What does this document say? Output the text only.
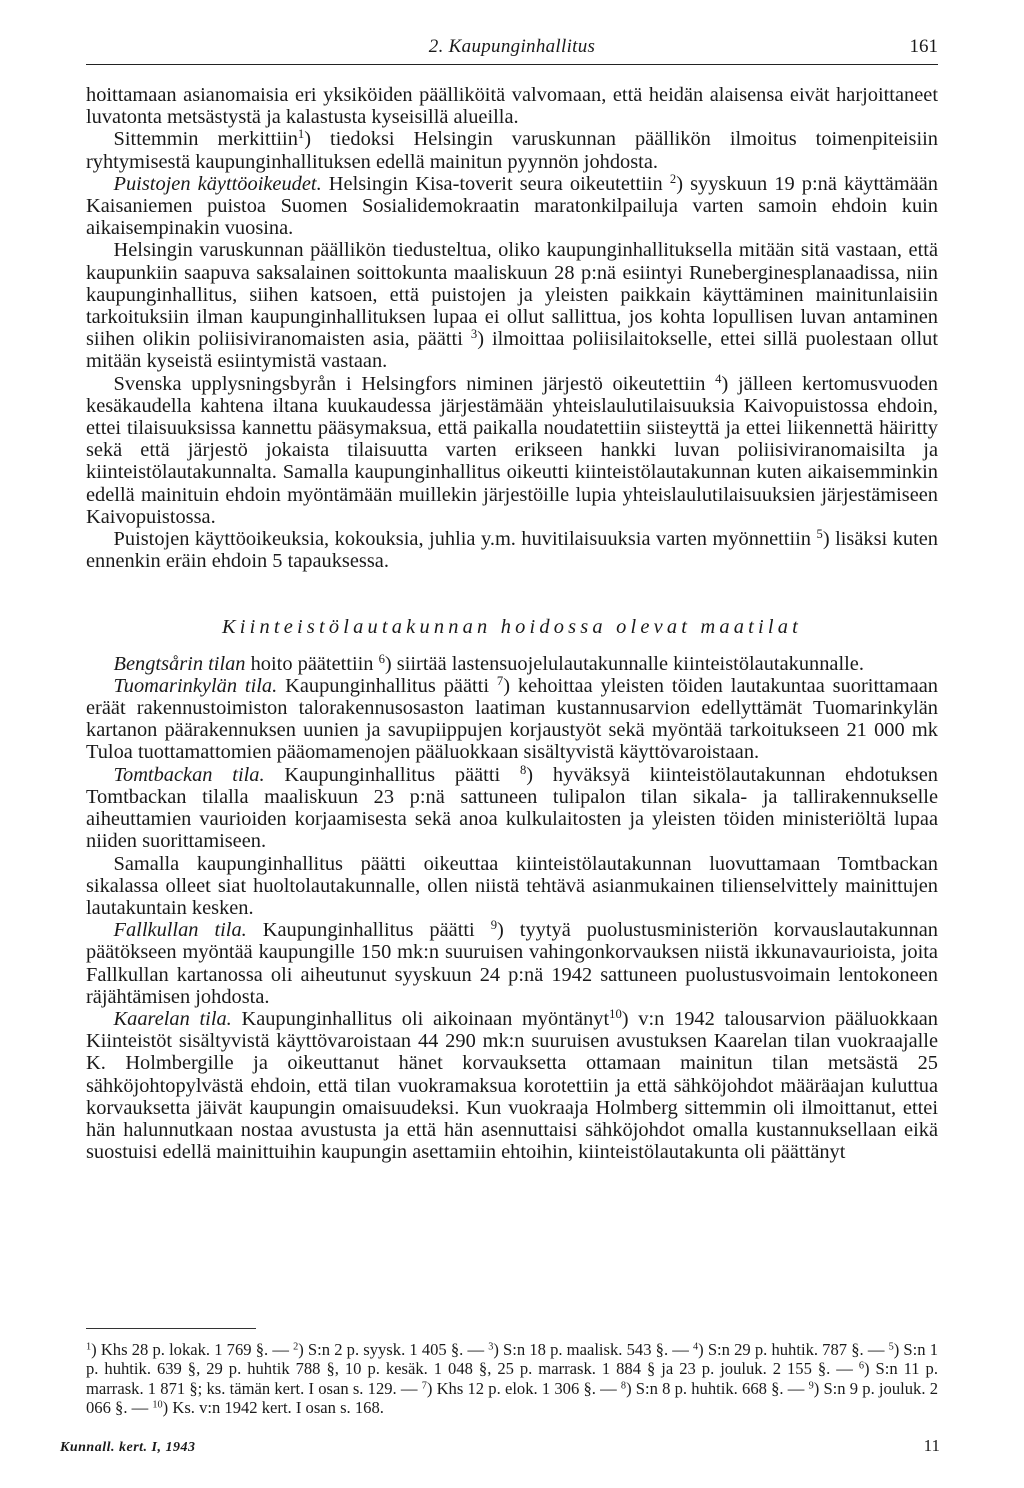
2. Kaupunginhallitus	161

hoittamaan asianomaisia eri yksiköiden päälliköitä valvomaan, että heidän alaisensa eivät harjoittaneet luvatonta metsästystä ja kalastusta kyseisillä alueilla.

Sittemmin merkittiin$^1$) tiedoksi Helsingin varuskunnan päällikön ilmoitus toimenpiteisiin ryhtymisestä kaupunginhallituksen edellä mainitun pyynnön johdosta.

Puistojen käyttöoikeudet. Helsingin Kisa-toverit seura oikeutettiin $^2$) syyskuun 19 p:nä käyttämään Kaisaniemen puistoa Suomen Sosialidemokraatin maratonkilpailuja varten samoin ehdoin kuin aikaisempinakin vuosina.

Helsingin varuskunnan päällikön tiedusteltua, oliko kaupunginhallituksella mitään sitä vastaan, että kaupunkiin saapuva saksalainen soittokunta maaliskuun 28 p:nä esiintyi Runeberginesplanaadissa, niin kaupunginhallitus, siihen katsoen, että puistojen ja yleisten paikkain käyttäminen mainitunlaisiin tarkoituksiin ilman kaupunginhallituksen lupaa ei ollut sallittua, jos kohta lopullisen luvan antaminen siihen olikin poliisiviranomaisten asia, päätti $^3$) ilmoittaa poliisilaitokselle, ettei sillä puolestaan ollut mitään kyseistä esiintymistä vastaan.

Svenska upplysningsbyrån i Helsingfors niminen järjestö oikeutettiin $^4$) jälleen kertomusvuoden kesäkaudella kahtena iltana kuukaudessa järjestämään yhteislaulutilaisuuksia Kaivopuistossa ehdoin, ettei tilaisuuksissa kannettu pääsymaksua, että paikalla noudatettiin siisteyttä ja ettei liikennettä häiritty sekä että järjestö jokaista tilaisuutta varten erikseen hankki luvan poliisiviranomaisilta ja kiinteistölautakunnalta. Samalla kaupunginhallitus oikeutti kiinteistölautakunnan kuten aikaisemminkin edellä mainituin ehdoin myöntämään muillekin järjestöille lupia yhteislaulutilaisuuksien järjestämiseen Kaivopuistossa.

Puistojen käyttöoikeuksia, kokouksia, juhlia y.m. huvitilaisuuksia varten myönnettiin $^5$) lisäksi kuten ennenkin eräin ehdoin 5 tapauksessa.

Kiinteistölautakunnan hoidossa olevat maatilat

Bengtsårin tilan hoito päätettiin $^6$) siirtää lastensuojelulautakunnalle kiinteistölautakunnalle.

Tuomarinkylän tila. Kaupunginhallitus päätti $^7$) kehoittaa yleisten töiden lautakuntaa suorittamaan eräät rakennustoimiston talorakennusosaston laatiman kustannusarvion edellyttämät Tuomarinkylän kartanon päärakennuksen uunien ja savupiippujen korjaustyöt sekä myöntää tarkoitukseen 21 000 mk Tuloa tuottamattomien pääomamenojen pääluokkaan sisältyvistä käyttövaroistaan.

Tomtbackan tila. Kaupunginhallitus päätti $^8$) hyväksyä kiinteistölautakunnan ehdotuksen Tomtbackan tilalla maaliskuun 23 p:nä sattuneen tulipalon tilan sikala- ja tallirakennukselle aiheuttamien vaurioiden korjaamisesta sekä anoa kulkulaitosten ja yleisten töiden ministeriöltä lupaa niiden suorittamiseen.

Samalla kaupunginhallitus päätti oikeuttaa kiinteistölautakunnan luovuttamaan Tomtbackan sikalassa olleet siat huoltolautakunnalle, ollen niistä tehtävä asianmukainen tilienselvittely mainittujen lautakuntain kesken.

Fallkullan tila. Kaupunginhallitus päätti $^9$) tyytyä puolustusministeriön korvauslautakunnan päätökseen myöntää kaupungille 150 mk:n suuruisen vahingonkorvauksen niistä ikkunavaurioista, joita Fallkullan kartanossa oli aiheutunut syyskuun 24 p:nä 1942 sattuneen puolustusvoimain lentokoneen räjähtämisen johdosta.

Kaarelan tila. Kaupunginhallitus oli aikoinaan myöntänyt$^{10}$) v:n 1942 talousarvion pääluokkaan Kiinteistöt sisältyvistä käyttövaroistaan 44 290 mk:n suuruisen avustuksen Kaarelan tilan vuokraajalle K. Holmbergille ja oikeuttanut hänet korvauksetta ottamaan mainitun tilan metsästä 25 sähköjohtopylvästä ehdoin, että tilan vuokramaksua korotettiin ja että sähköjohdot määräajan kuluttua korvauksetta jäivät kaupungin omaisuudeksi. Kun vuokraaja Holmberg sittemmin oli ilmoittanut, ettei hän halunnutkaan nostaa avustusta ja että hän asennuttaisi sähköjohdot omalla kustannuksellaan eikä suostuisi edellä mainittuihin kaupungin asettamiin ehtoihin, kiinteistölautakunta oli päättänyt

$^1$) Khs 28 p. lokak. 1 769 §. — $^2$) S:n 2 p. syysk. 1 405 §. — $^3$) S:n 18 p. maalisk. 543 §. — $^4$) S:n 29 p. huhtik. 787 §. — $^5$) S:n 1 p. huhtik. 639 §, 29 p. huhtik 788 §, 10 p. kesäk. 1 048 §, 25 p. marrask. 1 884 § ja 23 p. jouluk. 2 155 §. — $^6$) S:n 11 p. marrask. 1 871 §; ks. tämän kert. I osan s. 129. — $^7$) Khs 12 p. elok. 1 306 §. — $^8$) S:n 8 p. huhtik. 668 §. — $^9$) S:n 9 p. jouluk. 2 066 §. — $^{10}$) Ks. v:n 1942 kert. I osan s. 168.

Kunnall. kert. I, 1943	11
